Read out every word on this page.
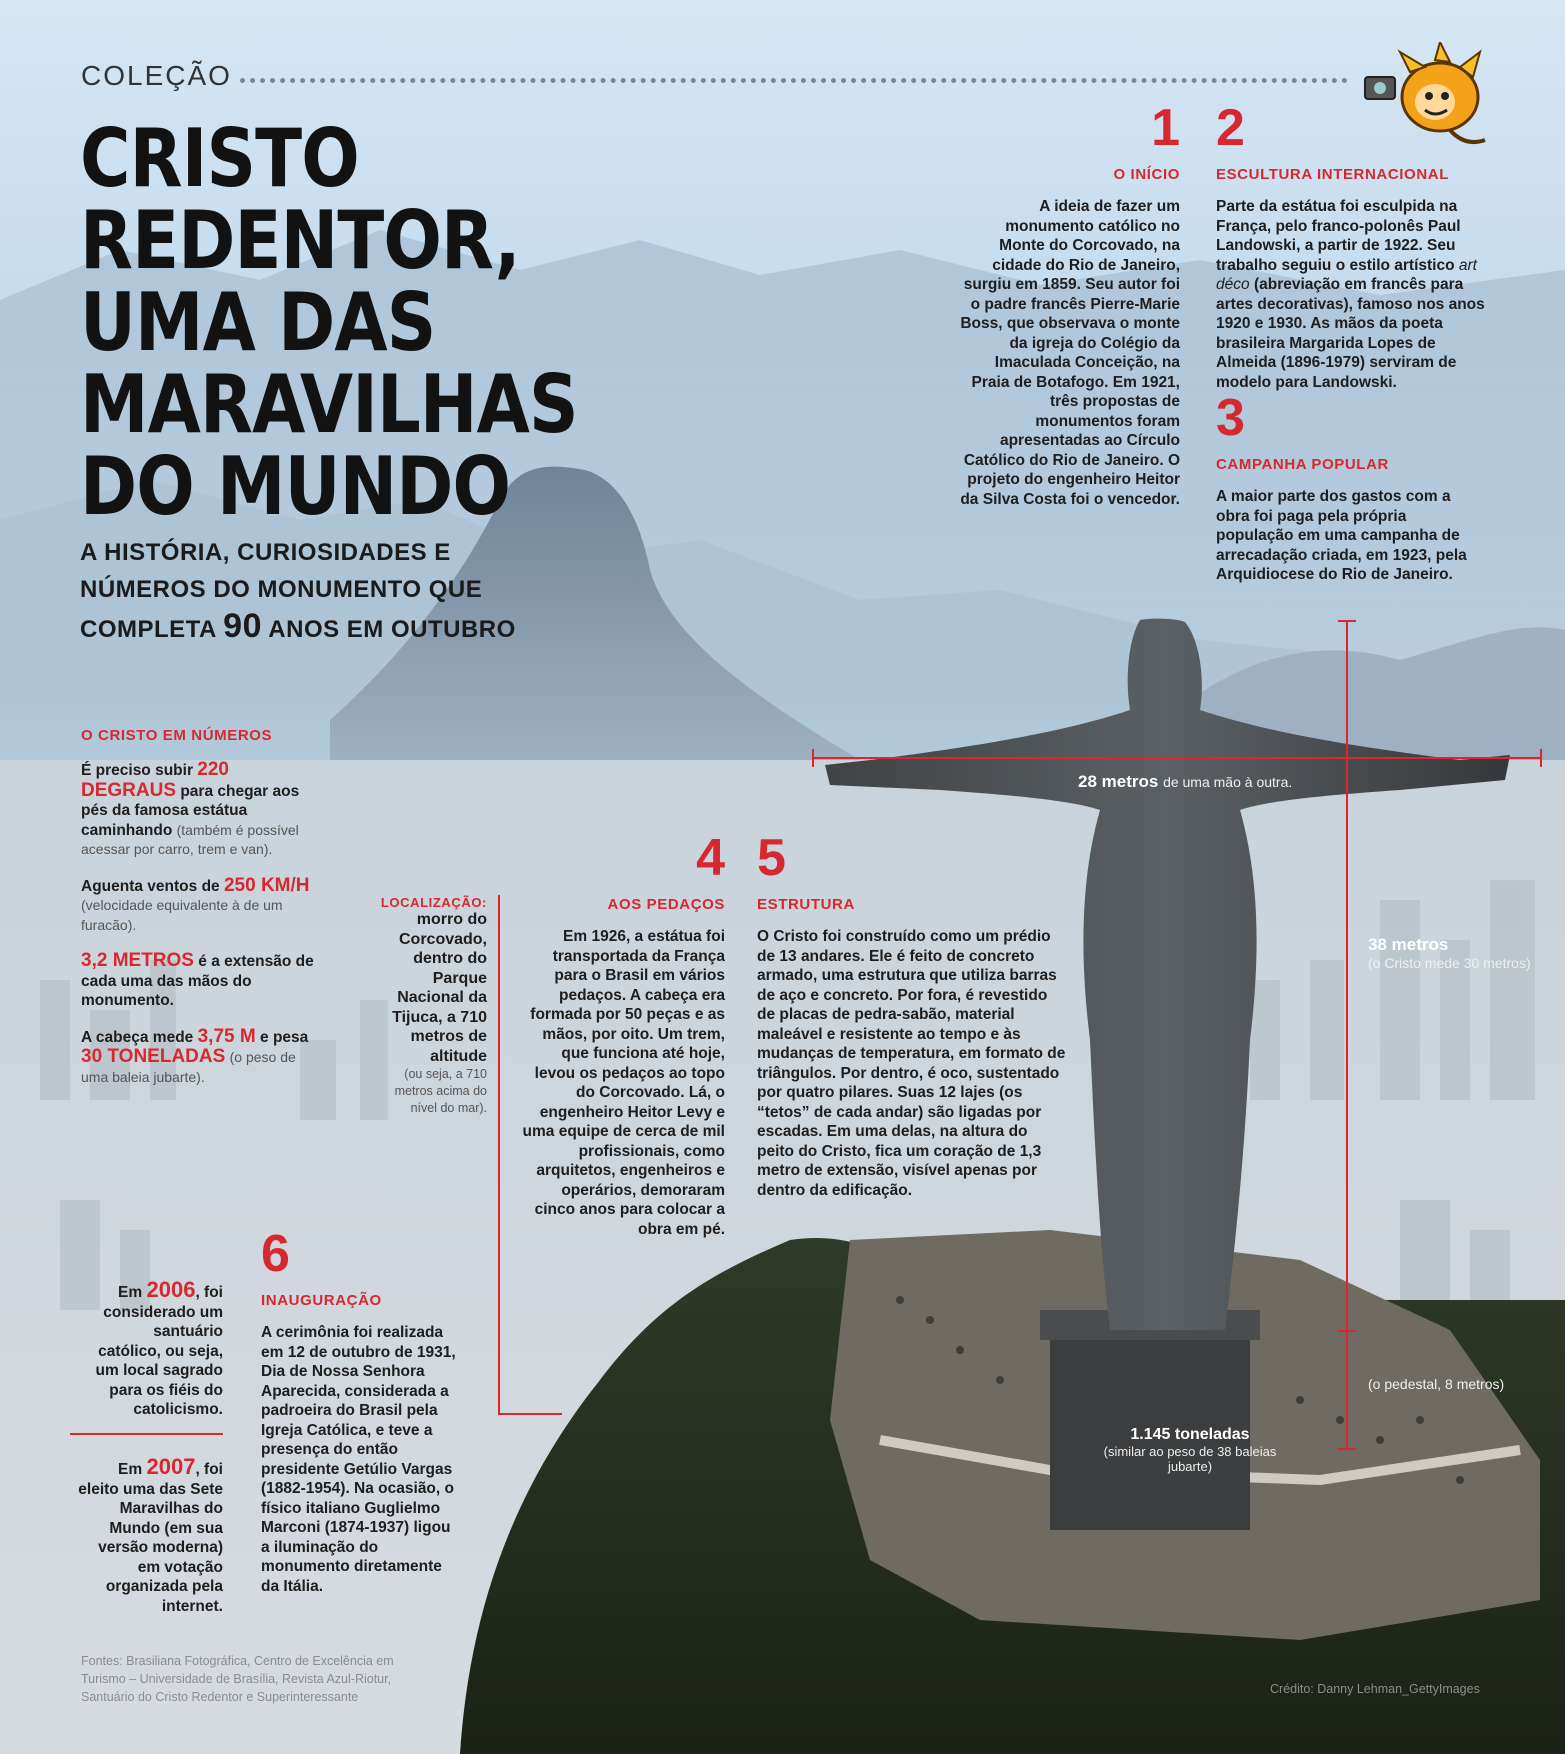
COLEÇÃO
CRISTO
REDENTOR,
UMA DAS
MARAVILHAS
DO MUNDO
A HISTÓRIA, CURIOSIDADES E
NÚMEROS DO MONUMENTO QUE
COMPLETA 90 ANOS EM OUTUBRO
1
O INÍCIO
A ideia de fazer um monumento católico no Monte do Corcovado, na cidade do Rio de Janeiro, surgiu em 1859. Seu autor foi o padre francês Pierre-Marie Boss, que observava o monte da igreja do Colégio da Imaculada Conceição, na Praia de Botafogo. Em 1921, três propostas de monumentos foram apresentadas ao Círculo Católico do Rio de Janeiro. O projeto do engenheiro Heitor da Silva Costa foi o vencedor.
2
ESCULTURA INTERNACIONAL
Parte da estátua foi esculpida na França, pelo franco-polonês Paul Landowski, a partir de 1922. Seu trabalho seguiu o estilo artístico art déco (abreviação em francês para artes decorativas), famoso nos anos 1920 e 1930. As mãos da poeta brasileira Margarida Lopes de Almeida (1896-1979) serviram de modelo para Landowski.
3
CAMPANHA POPULAR
A maior parte dos gastos com a obra foi paga pela própria população em uma campanha de arrecadação criada, em 1923, pela Arquidiocese do Rio de Janeiro.
O CRISTO EM NÚMEROS
É preciso subir 220 DEGRAUS para chegar aos pés da famosa estátua caminhando (também é possível acessar por carro, trem e van).
Aguenta ventos de 250 KM/H (velocidade equivalente à de um furacão).
3,2 METROS é a extensão de cada uma das mãos do monumento.
A cabeça mede 3,75 M e pesa 30 TONELADAS (o peso de uma baleia jubarte).
LOCALIZAÇÃO:
morro do Corcovado, dentro do Parque Nacional da Tijuca, a 710 metros de altitude
(ou seja, a 710 metros acima do nível do mar).
4
AOS PEDAÇOS
Em 1926, a estátua foi transportada da França para o Brasil em vários pedaços. A cabeça era formada por 50 peças e as mãos, por oito. Um trem, que funciona até hoje, levou os pedaços ao topo do Corcovado. Lá, o engenheiro Heitor Levy e uma equipe de cerca de mil profissionais, como arquitetos, engenheiros e operários, demoraram cinco anos para colocar a obra em pé.
5
ESTRUTURA
O Cristo foi construído como um prédio de 13 andares. Ele é feito de concreto armado, uma estrutura que utiliza barras de aço e concreto. Por fora, é revestido de placas de pedra-sabão, material maleável e resistente ao tempo e às mudanças de temperatura, em formato de triângulos. Por dentro, é oco, sustentado por quatro pilares. Suas 12 lajes (os “tetos” de cada andar) são ligadas por escadas. Em uma delas, na altura do peito do Cristo, fica um coração de 1,3 metro de extensão, visível apenas por dentro da edificação.
Em 2006, foi considerado um santuário católico, ou seja, um local sagrado para os fiéis do catolicismo.
Em 2007, foi eleito uma das Sete Maravilhas do Mundo (em sua versão moderna) em votação organizada pela internet.
6
INAUGURAÇÃO
A cerimônia foi realizada em 12 de outubro de 1931, Dia de Nossa Senhora Aparecida, considerada a padroeira do Brasil pela Igreja Católica, e teve a presença do então presidente Getúlio Vargas (1882-1954). Na ocasião, o físico italiano Guglielmo Marconi (1874-1937) ligou a iluminação do monumento diretamente da Itália.
28 metros de uma mão à outra.
38 metros
(o Cristo mede 30 metros)
(o pedestal, 8 metros)
1.145 toneladas
(similar ao peso de 38 baleias jubarte)
Fontes: Brasiliana Fotográfica, Centro de Excelência em Turismo – Universidade de Brasília, Revista Azul-Riotur, Santuário do Cristo Redentor e Superinteressante
Crédito: Danny Lehman_GettyImages
